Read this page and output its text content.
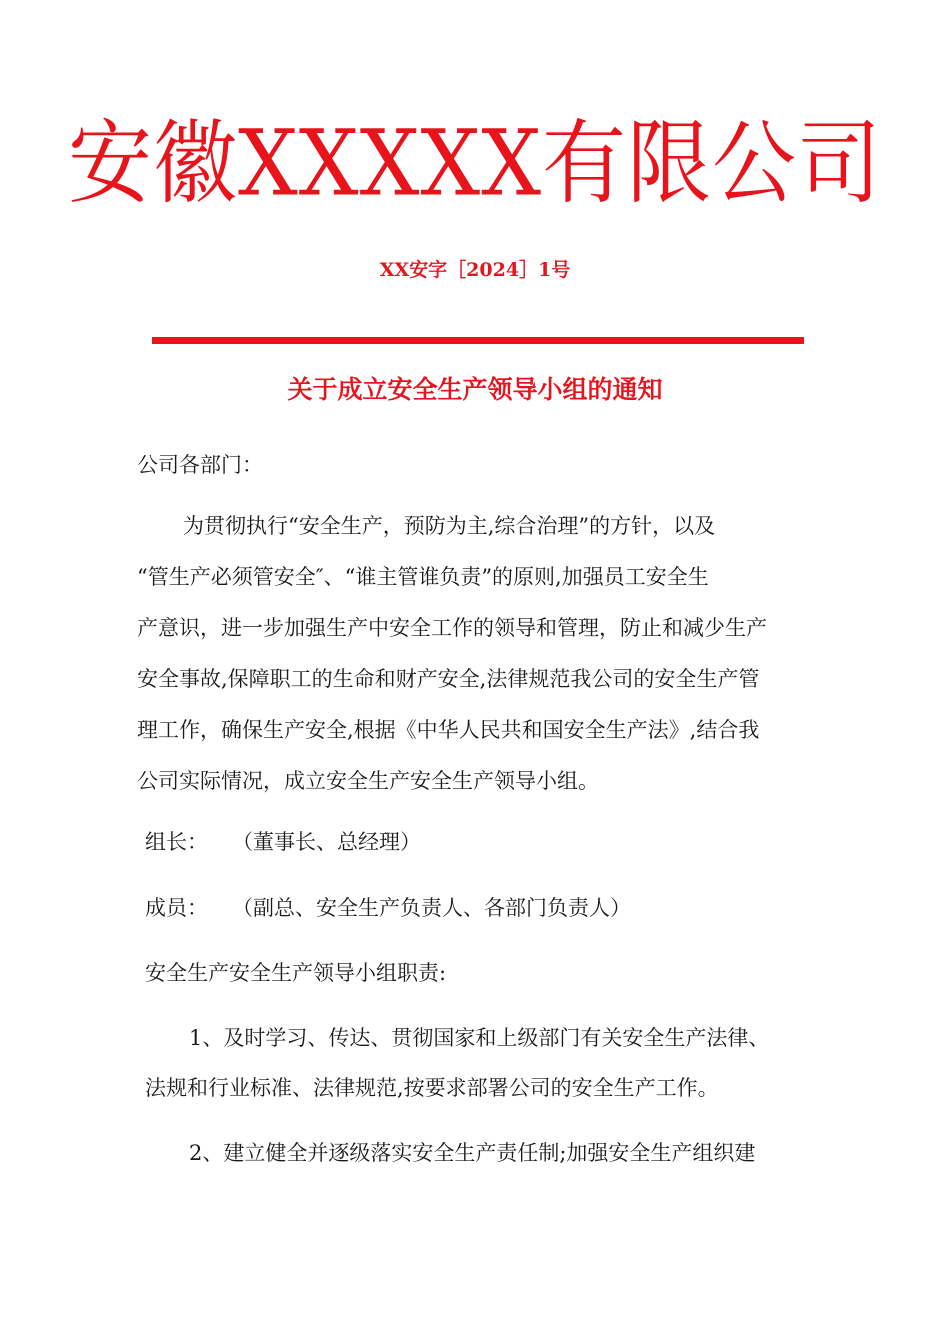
安徽XXXXX有限公司
XX安字［2024］1号
关于成立安全生产领导小组的通知
公司各部门：
为贯彻执行“安全生产，预防为主,综合治理”的方针，以及
“管生产必须管安全″、“谁主管谁负责”的原则,加强员工安全生
产意识，进一步加强生产中安全工作的领导和管理，防止和减少生产
安全事故,保障职工的生命和财产安全,法律规范我公司的安全生产管
理工作，确保生产安全,根据《中华人民共和国安全生产法》,结合我
公司实际情况，成立安全生产安全生产领导小组。
组长： （董事长、总经理）
成员： （副总、安全生产负责人、各部门负责人）
安全生产安全生产领导小组职责:
1、及时学习、传达、贯彻国家和上级部门有关安全生产法律、
法规和行业标准、法律规范,按要求部署公司的安全生产工作。
2、建立健全并逐级落实安全生产责任制;加强安全生产组织建
